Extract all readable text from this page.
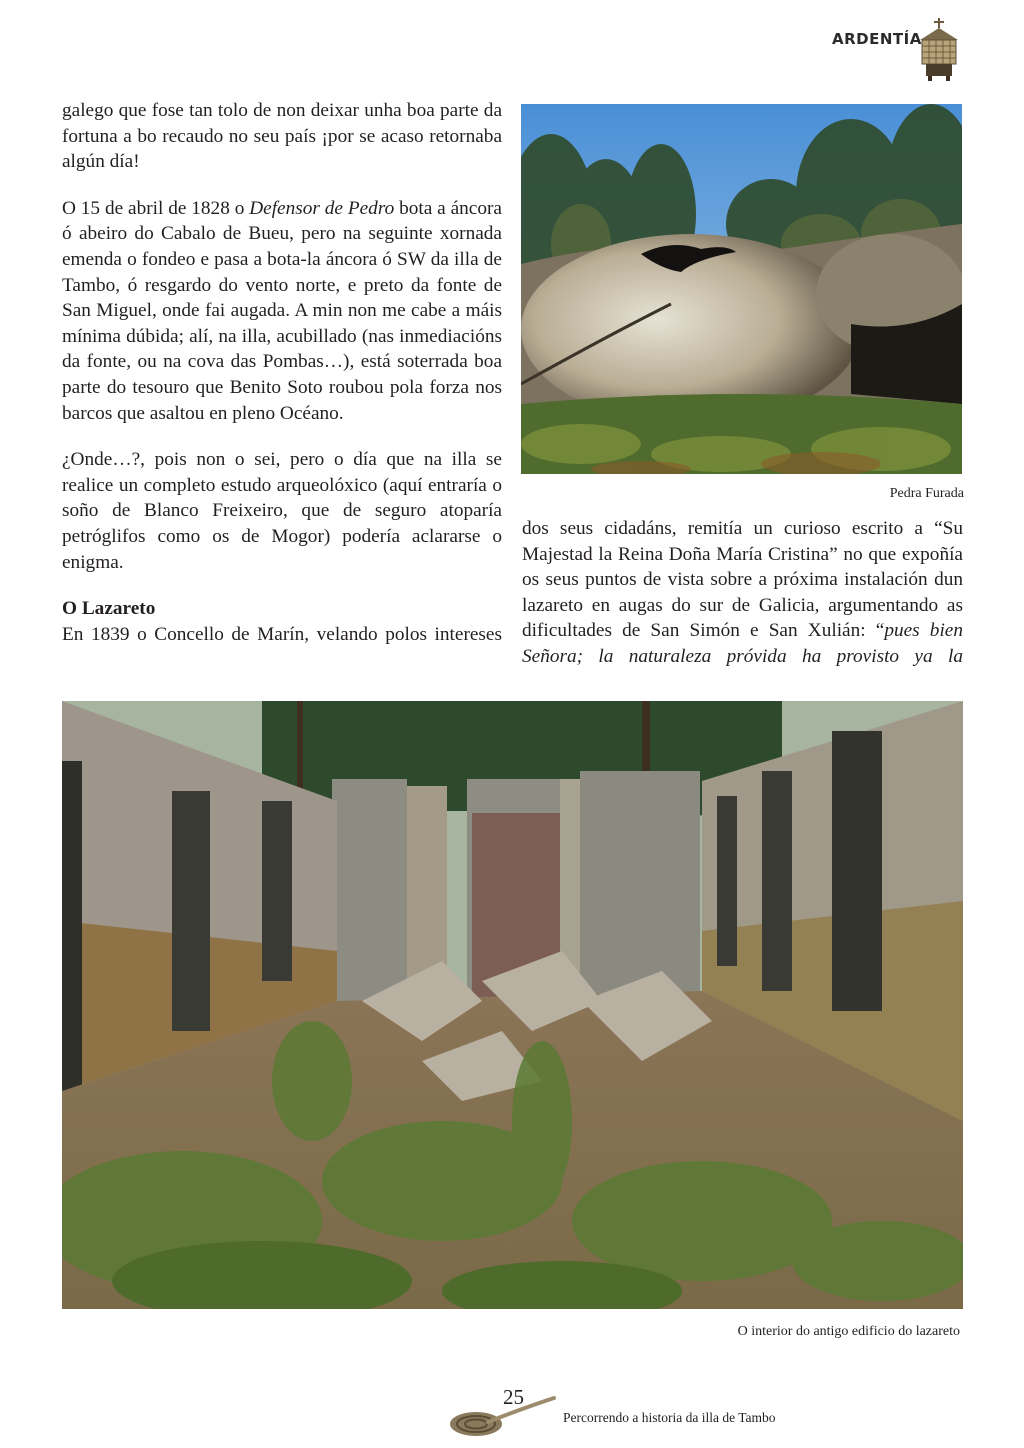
ARDENTÍA

galego que fose tan tolo de non deixar unha boa parte da fortuna a bo recaudo no seu país ¡por se acaso retornaba algún día!

O 15 de abril de 1828 o Defensor de Pedro bota a áncora ó abeiro do Cabalo de Bueu, pero na seguinte xornada emenda o fondeo e pasa a bota-la áncora ó SW da illa de Tambo, ó resgardo do vento norte, e preto da fonte de San Miguel, onde fai augada. A min non me cabe a máis mínima dúbida; alí, na illa, acubillado (nas inmediacións da fonte, ou na cova das Pombas…), está soterrada boa parte do tesouro que Benito Soto roubou pola forza nos barcos que asaltou en pleno Océano.

¿Onde…?, pois non o sei, pero o día que na illa se realice un completo estudo arqueolóxico (aquí entraría o soño de Blanco Freixeiro, que de seguro atoparía petróglifos como os de Mogor) podería aclararse o enigma.

O Lazareto

En 1839 o Concello de Marín, velando polos intereses

Pedra Furada

dos seus cidadáns, remitía un curioso escrito a “Su Majestad la Reina Doña María Cristina” no que expoñía os seus puntos de vista sobre a próxima instalación dun lazareto en augas do sur de Galicia, argumentando as dificultades de San Simón e San Xulián: “pues bien Señora; la naturaleza próvida ha provisto ya la

O interior do antigo edificio do lazareto
25
Percorrendo a historia da illa de Tambo
